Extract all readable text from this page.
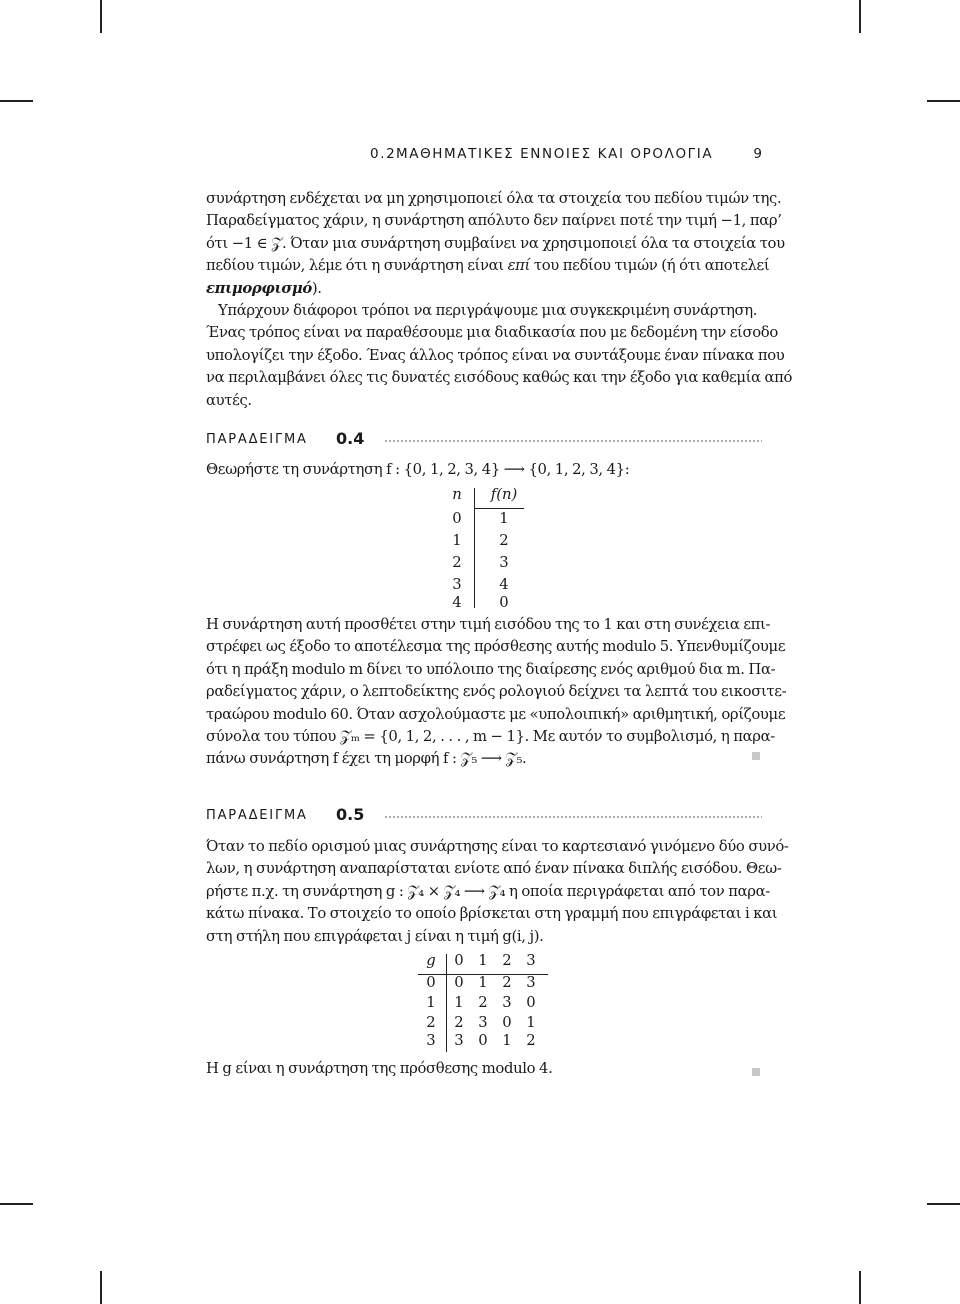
0.2 ΜΑΘΗΜΑΤΙΚΕΣ ΕΝΝΟΙΕΣ ΚΑΙ ΟΡΟΛΟΓΙΑ	9
συνάρτηση ενδέχεται να μη χρησιμοποιεί όλα τα στοιχεία του πεδίου τιμών της.
Παραδείγματος χάριν, η συνάρτηση απόλυτο δεν παίρνει ποτέ την τιμή −1, παρ’
ότι −1 ∈ 𝒵. Όταν μια συνάρτηση συμβαίνει να χρησιμοποιεί όλα τα στοιχεία του
πεδίου τιμών, λέμε ότι η συνάρτηση είναι επί του πεδίου τιμών (ή ότι αποτελεί
επιμορφισμό).
Υπάρχουν διάφοροι τρόποι να περιγράψουμε μια συγκεκριμένη συνάρτηση.
Ένας τρόπος είναι να παραθέσουμε μια διαδικασία που με δεδομένη την είσοδο
υπολογίζει την έξοδο. Ένας άλλος τρόπος είναι να συντάξουμε έναν πίνακα που
να περιλαμβάνει όλες τις δυνατές εισόδους καθώς και την έξοδο για καθεμία από
αυτές.
ΠΑΡΑΔΕΙΓΜΑ 0.4
Θεωρήστε τη συνάρτηση f : {0, 1, 2, 3, 4} ⟶ {0, 1, 2, 3, 4}:
n	f(n)
0	1
1	2
2	3
3	4
4	0
Η συνάρτηση αυτή προσθέτει στην τιμή εισόδου της το 1 και στη συνέχεια επι-
στρέφει ως έξοδο το αποτέλεσμα της πρόσθεσης αυτής modulo 5. Υπενθυμίζουμε
ότι η πράξη modulo m δίνει το υπόλοιπο της διαίρεσης ενός αριθμού δια m. Πα-
ραδείγματος χάριν, ο λεπτοδείκτης ενός ρολογιού δείχνει τα λεπτά του εικοσιτε-
τραώρου modulo 60. Όταν ασχολούμαστε με «υπολοιπική» αριθμητική, ορίζουμε
σύνολα του τύπου 𝒵ₘ = {0, 1, 2, . . . , m − 1}. Με αυτόν το συμβολισμό, η παρα-
πάνω συνάρτηση f έχει τη μορφή f : 𝒵₅ ⟶ 𝒵₅.
ΠΑΡΑΔΕΙΓΜΑ 0.5
Όταν το πεδίο ορισμού μιας συνάρτησης είναι το καρτεσιανό γινόμενο δύο συνό-
λων, η συνάρτηση αναπαρίσταται ενίοτε από έναν πίνακα διπλής εισόδου. Θεω-
ρήστε π.χ. τη συνάρτηση g : 𝒵₄ × 𝒵₄ ⟶ 𝒵₄ η οποία περιγράφεται από τον παρα-
κάτω πίνακα. Το στοιχείο το οποίο βρίσκεται στη γραμμή που επιγράφεται i και
στη στήλη που επιγράφεται j είναι η τιμή g(i, j).
g 0 1 2 3
0 0 1 2 3
1 1 2 3 0
2 2 3 0 1
3 3 0 1 2
Η g είναι η συνάρτηση της πρόσθεσης modulo 4.
